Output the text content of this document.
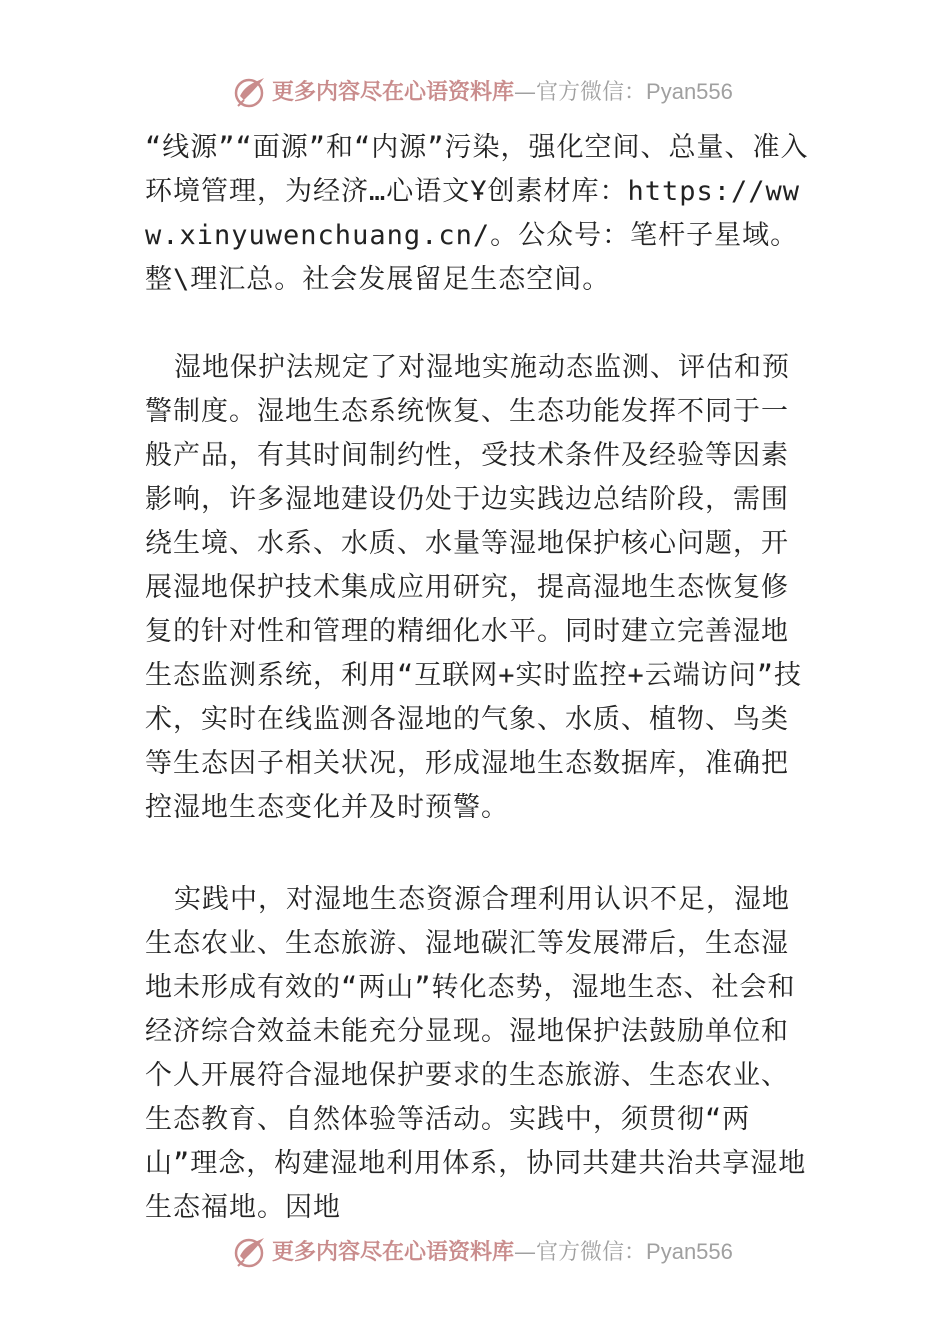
更多内容尽在心语资料库—官方微信：Pyan556

“线源”“面源”和“内源”污染，强化空间、总量、准入环境管理，为经济…心语文Ұ创素材库：https://www.xinyuwenchuang.cn/。公众号：笔杆子星域。整\理汇总。社会发展留足生态空间。

湿地保护法规定了对湿地实施动态监测、评估和预警制度。湿地生态系统恢复、生态功能发挥不同于一般产品，有其时间制约性，受技术条件及经验等因素影响，许多湿地建设仍处于边实践边总结阶段，需围绕生境、水系、水质、水量等湿地保护核心问题，开展湿地保护技术集成应用研究，提高湿地生态恢复修复的针对性和管理的精细化水平。同时建立完善湿地生态监测系统，利用“互联网+实时监控+云端访问”技术，实时在线监测各湿地的气象、水质、植物、鸟类等生态因子相关状况，形成湿地生态数据库，准确把控湿地生态变化并及时预警。

实践中，对湿地生态资源合理利用认识不足，湿地生态农业、生态旅游、湿地碳汇等发展滞后，生态湿地未形成有效的“两山”转化态势，湿地生态、社会和经济综合效益未能充分显现。湿地保护法鼓励单位和个人开展符合湿地保护要求的生态旅游、生态农业、生态教育、自然体验等活动。实践中，须贯彻“两山”理念，构建湿地利用体系，协同共建共治共享湿地生态福地。因地

更多内容尽在心语资料库—官方微信：Pyan556
